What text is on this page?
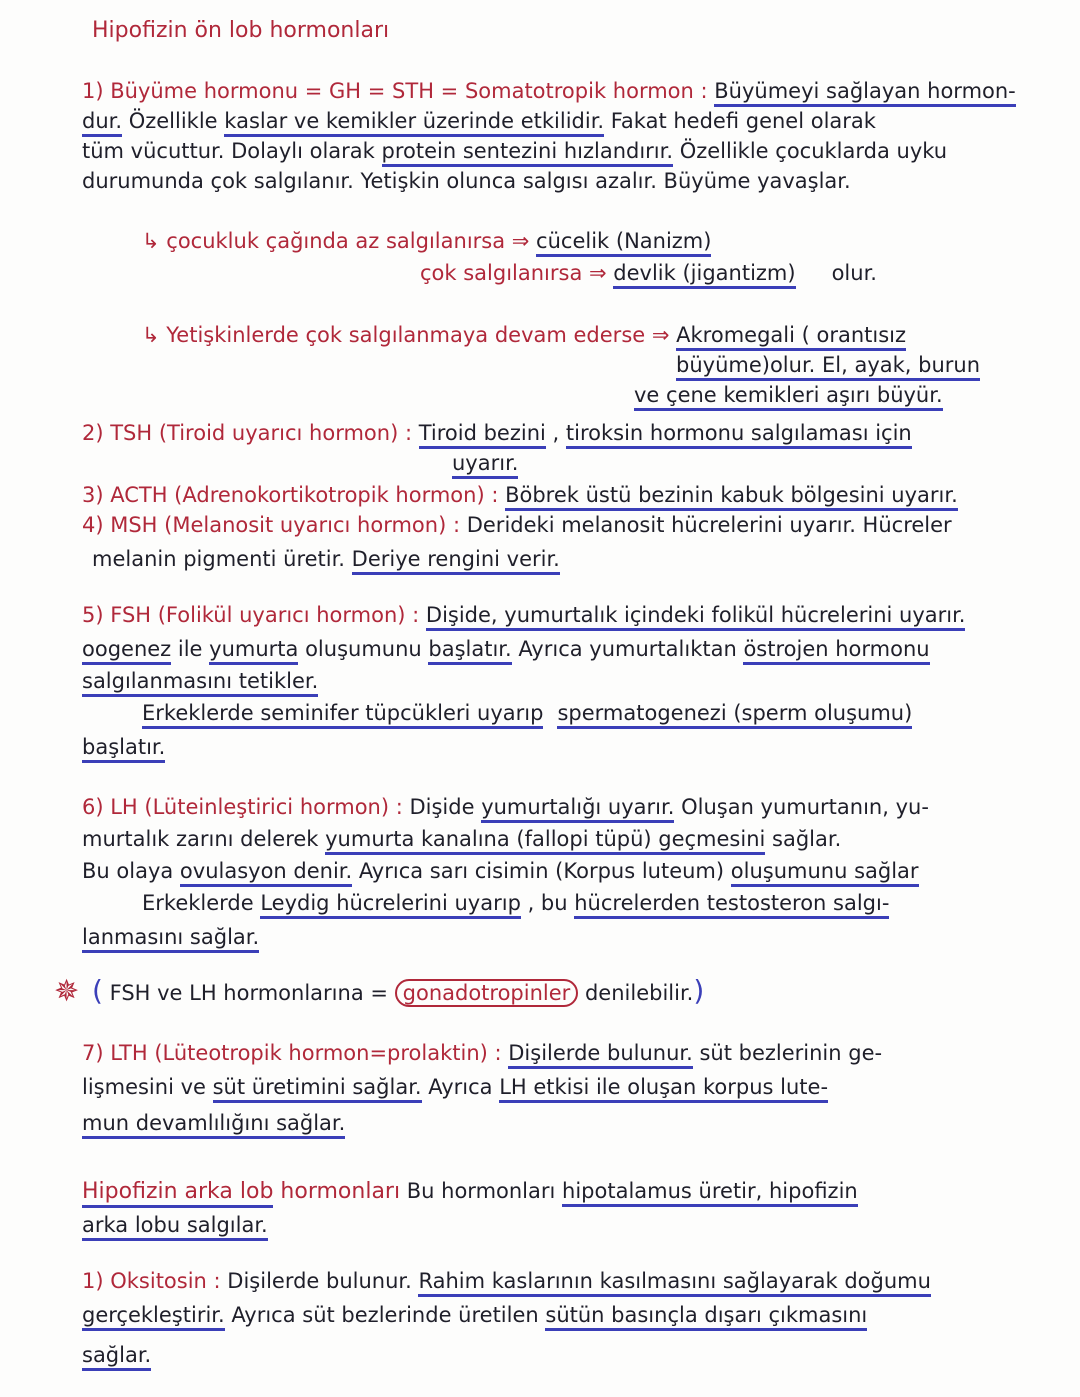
Hipofizin ön lob hormonları
1) Büyüme hormonu = GH = STH = Somatotropik hormon : Büyümeyi sağlayan hormon-
dur. Özellikle kaslar ve kemikler üzerinde etkilidir. Fakat hedefi genel olarak
tüm vücuttur. Dolaylı olarak protein sentezini hızlandırır. Özellikle çocuklarda uyku
durumunda çok salgılanır. Yetişkin olunca salgısı azalır. Büyüme yavaşlar.
↳ çocukluk çağında az salgılanırsa ⇒ cücelik (Nanizm)
çok salgılanırsa ⇒ devlik (jigantizm) olur.
↳ Yetişkinlerde çok salgılanmaya devam ederse ⇒ Akromegali ( orantısız
büyüme)olur. El, ayak, burun
ve çene kemikleri aşırı büyür.
2) TSH (Tiroid uyarıcı hormon) : Tiroid bezini , tiroksin hormonu salgılaması için
uyarır.
3) ACTH (Adrenokortikotropik hormon) : Böbrek üstü bezinin kabuk bölgesini uyarır.
4) MSH (Melanosit uyarıcı hormon) : Derideki melanosit hücrelerini uyarır. Hücreler
melanin pigmenti üretir. Deriye rengini verir.
5) FSH (Folikül uyarıcı hormon) : Dişide, yumurtalık içindeki folikül hücrelerini uyarır.
oogenez ile yumurta oluşumunu başlatır. Ayrıca yumurtalıktan östrojen hormonu
salgılanmasını tetikler.
Erkeklerde seminifer tüpcükleri uyarıp spermatogenezi (sperm oluşumu)
başlatır.
6) LH (Lüteinleştirici hormon) : Dişide yumurtalığı uyarır. Oluşan yumurtanın, yu-
murtalık zarını delerek yumurta kanalına (fallopi tüpü) geçmesini sağlar.
Bu olaya ovulasyon denir. Ayrıca sarı cisimin (Korpus luteum) oluşumunu sağlar
Erkeklerde Leydig hücrelerini uyarıp , bu hücrelerden testosteron salgı-
lanmasını sağlar.
✵ ( FSH ve LH hormonlarına = gonadotropinler denilebilir.)
7) LTH (Lüteotropik hormon=prolaktin) : Dişilerde bulunur. süt bezlerinin ge-
lişmesini ve süt üretimini sağlar. Ayrıca LH etkisi ile oluşan korpus lute-
mun devamlılığını sağlar.
Hipofizin arka lob hormonları Bu hormonları hipotalamus üretir, hipofizin
arka lobu salgılar.
1) Oksitosin : Dişilerde bulunur. Rahim kaslarının kasılmasını sağlayarak doğumu
gerçekleştirir. Ayrıca süt bezlerinde üretilen sütün basınçla dışarı çıkmasını
sağlar.
